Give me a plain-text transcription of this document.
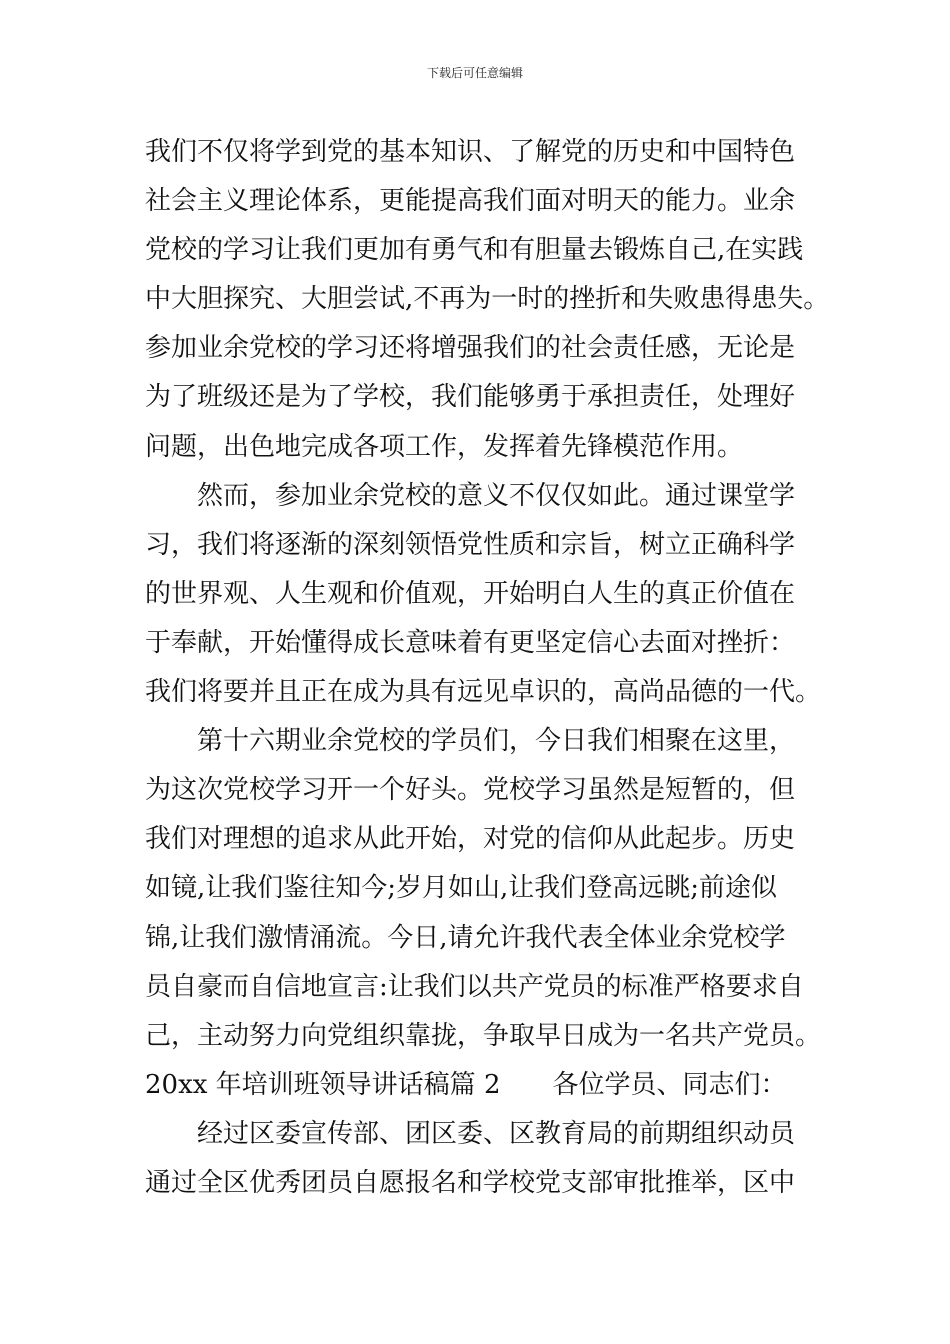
下载后可任意编辑
我们不仅将学到党的基本知识、了解党的历史和中国特色
社会主义理论体系，更能提高我们面对明天的能力。业余
党校的学习让我们更加有勇气和有胆量去锻炼自己,在实践
中大胆探究、大胆尝试,不再为一时的挫折和失败患得患失。
参加业余党校的学习还将增强我们的社会责任感，无论是
为了班级还是为了学校，我们能够勇于承担责任，处理好
问题，出色地完成各项工作，发挥着先锋模范作用。
然而，参加业余党校的意义不仅仅如此。通过课堂学
习，我们将逐渐的深刻领悟党性质和宗旨，树立正确科学
的世界观、人生观和价值观，开始明白人生的真正价值在
于奉献，开始懂得成长意味着有更坚定信心去面对挫折：
我们将要并且正在成为具有远见卓识的，高尚品德的一代。
第十六期业余党校的学员们，今日我们相聚在这里，
为这次党校学习开一个好头。党校学习虽然是短暂的，但
我们对理想的追求从此开始，对党的信仰从此起步。历史
如镜,让我们鉴往知今;岁月如山,让我们登高远眺;前途似
锦,让我们激情涌流。今日,请允许我代表全体业余党校学
员自豪而自信地宣言:让我们以共产党员的标准严格要求自
己，主动努力向党组织靠拢，争取早日成为一名共产党员。
20xx 年培训班领导讲话稿篇 2　　各位学员、同志们：
经过区委宣传部、团区委、区教育局的前期组织动员
通过全区优秀团员自愿报名和学校党支部审批推举，区中
